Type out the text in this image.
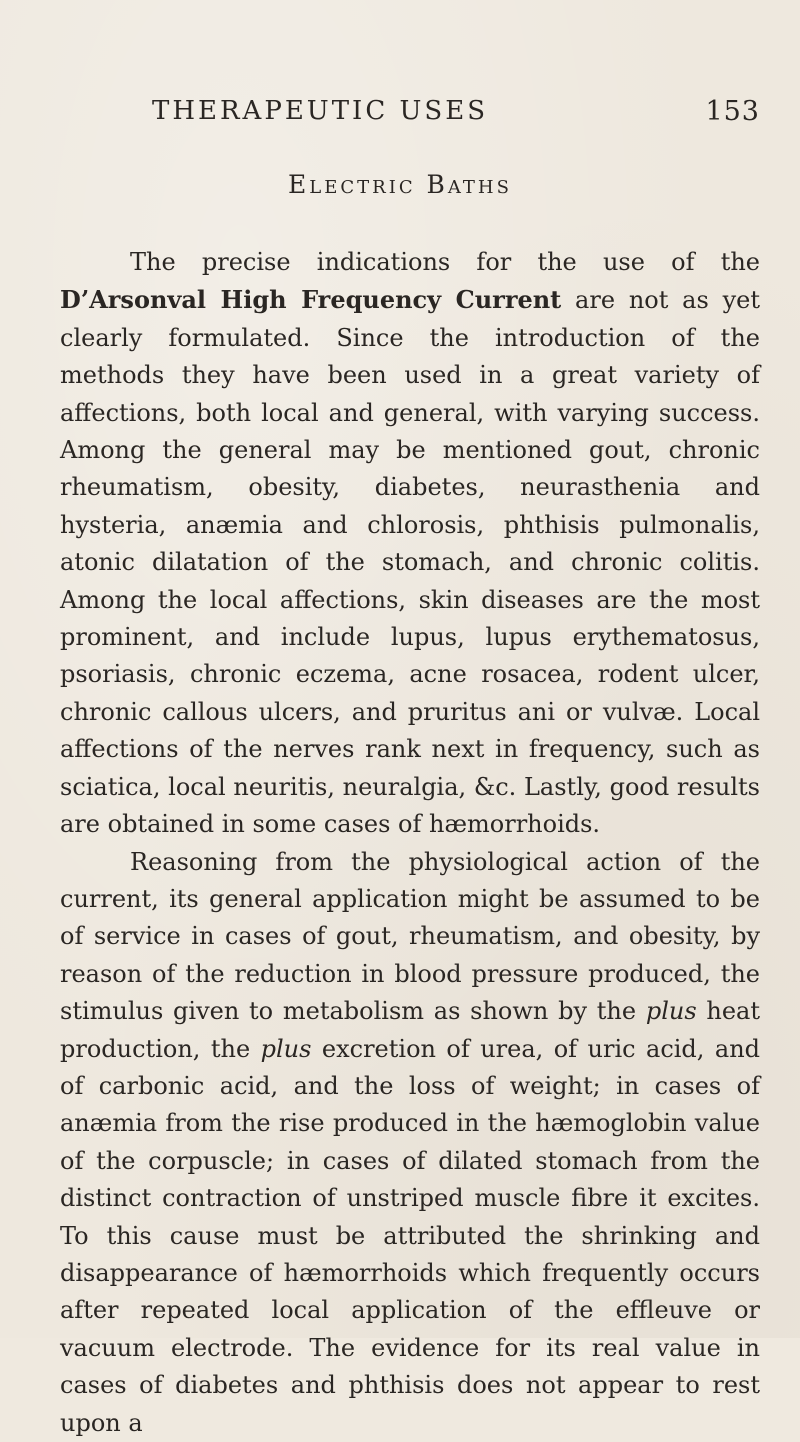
THERAPEUTIC USES	153
Electric Baths

The precise indications for the use of the D’Arsonval High Frequency Current are not as yet clearly formulated. Since the introduction of the methods they have been used in a great variety of affections, both local and general, with varying success. Among the general may be mentioned gout, chronic rheumatism, obesity, diabetes, neurasthenia and hysteria, anæmia and chlorosis, phthisis pulmonalis, atonic dilatation of the stomach, and chronic colitis. Among the local affections, skin diseases are the most prominent, and include lupus, lupus erythematosus, psoriasis, chronic eczema, acne rosacea, rodent ulcer, chronic callous ulcers, and pruritus ani or vulvæ. Local affections of the nerves rank next in frequency, such as sciatica, local neuritis, neuralgia, &c. Lastly, good results are obtained in some cases of hæmorrhoids.

Reasoning from the physiological action of the current, its general application might be assumed to be of service in cases of gout, rheumatism, and obesity, by reason of the reduction in blood pressure produced, the stimulus given to metabolism as shown by the plus heat production, the plus excretion of urea, of uric acid, and of carbonic acid, and the loss of weight; in cases of anæmia from the rise produced in the hæmoglobin value of the corpuscle; in cases of dilated stomach from the distinct contraction of unstriped muscle fibre it excites. To this cause must be attributed the shrinking and disappearance of hæmorrhoids which frequently occurs after repeated local application of the effleuve or vacuum electrode. The evidence for its real value in cases of diabetes and phthisis does not appear to rest upon a
